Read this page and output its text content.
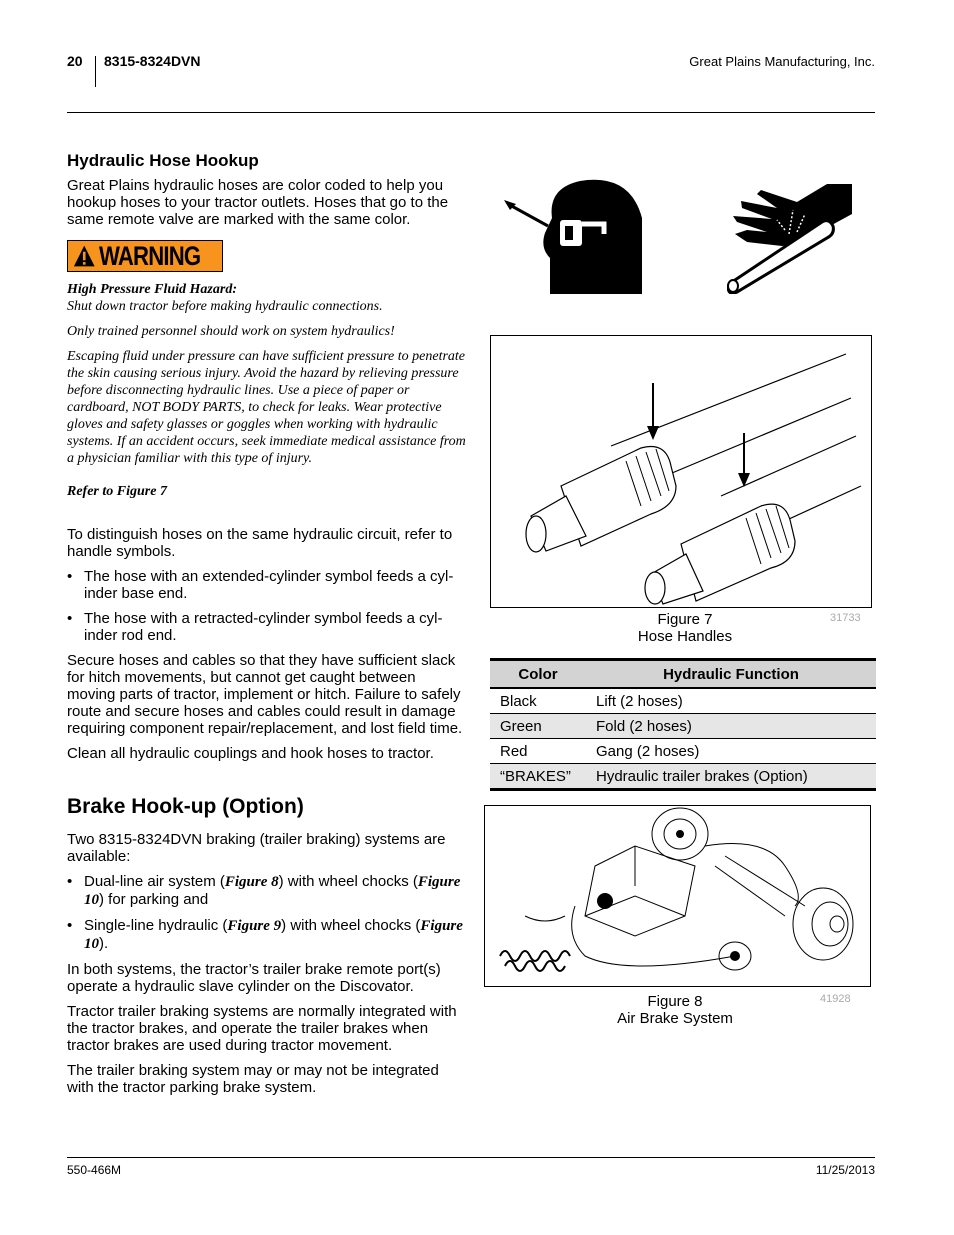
20 8315-8324DVN	Great Plains Manufacturing, Inc.
Hydraulic Hose Hookup

Great Plains hydraulic hoses are color coded to help you hookup hoses to your tractor outlets. Hoses that go to the same remote valve are marked with the same color.

WARNING

High Pressure Fluid Hazard:

Shut down tractor before making hydraulic connections.

Only trained personnel should work on system hydraulics!

Escaping fluid under pressure can have sufficient pressure to penetrate the skin causing serious injury. Avoid the hazard by relieving pressure before disconnecting hydraulic lines. Use a piece of paper or cardboard, NOT BODY PARTS, to check for leaks. Wear protective gloves and safety glasses or goggles when working with hydraulic systems. If an accident occurs, seek immediate medical assistance from a physician familiar with this type of injury.

Refer to Figure 7

To distinguish hoses on the same hydraulic circuit, refer to handle symbols.

• The hose with an extended-cylinder symbol feeds a cyl-inder base end.
• The hose with a retracted-cylinder symbol feeds a cyl-inder rod end.

Secure hoses and cables so that they have sufficient slack for hitch movements, but cannot get caught between moving parts of tractor, implement or hitch. Failure to safely route and secure hoses and cables could result in damage requiring component repair/replacement, and lost field time.

Clean all hydraulic couplings and hook hoses to tractor.

Brake Hook-up (Option)

Two 8315-8324DVN braking (trailer braking) systems are available:

• Dual-line air system (Figure 8) with wheel chocks (Figure 10) for parking and
• Single-line hydraulic (Figure 9) with wheel chocks (Figure 10).

In both systems, the tractor’s trailer brake remote port(s) operate a hydraulic slave cylinder on the Discovator.

Tractor trailer braking systems are normally integrated with the tractor brakes, and operate the trailer brakes when tractor brakes are used during tractor movement.

The trailer braking system may or may not be integrated with the tractor parking brake system.

Figure 7
Hose Handles
31733
Color	Hydraulic Function
Black	Lift (2 hoses)
Green	Fold (2 hoses)
Red	Gang (2 hoses)
“BRAKES”	Hydraulic trailer brakes (Option)
Figure 8
Air Brake System
41928
550-466M	11/25/2013
